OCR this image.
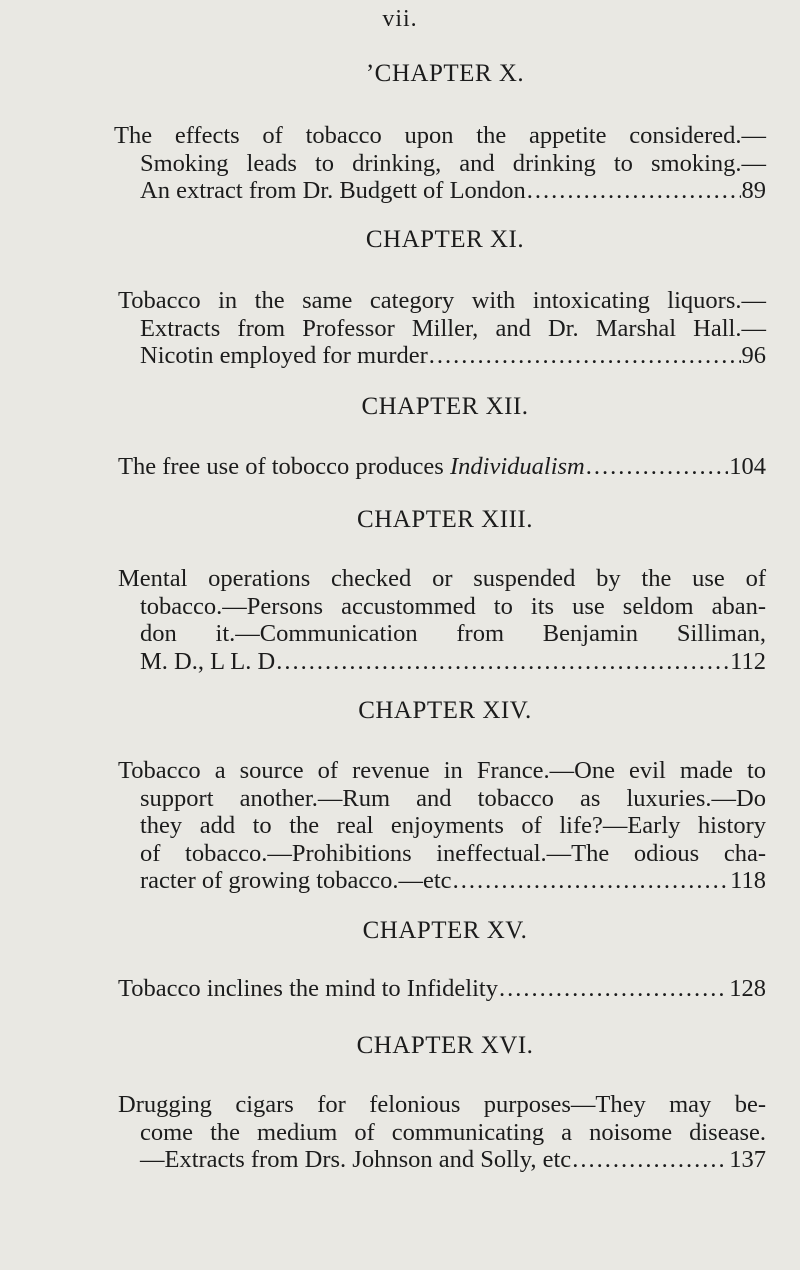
vii.
’CHAPTER X.
The effects of tobacco upon the appetite considered.—
Smoking leads to drinking, and drinking to smoking.—
An extract from Dr. Budgett of London .....	89
CHAPTER XI.
Tobacco in the same category with intoxicating liquors.—
Extracts from Professor Miller, and Dr. Marshal Hall.—
Nicotin employed for murder .....	96
CHAPTER XII.
The free use of tobocco produces Individualism .....	104
CHAPTER XIII.
Mental operations checked or suspended by the use of
tobacco.—Persons accustommed to its use seldom aban-
don it.—Communication from Benjamin Silliman,
M. D., L L. D .....	112
CHAPTER XIV.
Tobacco a source of revenue in France.—One evil made to
support another.—Rum and tobacco as luxuries.—Do
they add to the real enjoyments of life?—Early history
of tobacco.—Prohibitions ineffectual.—The odious cha-
racter of growing tobacco.—etc .....	118
CHAPTER XV.
Tobacco inclines the mind to Infidelity .....	128
CHAPTER XVI.
Drugging cigars for felonious purposes—They may be-
come the medium of communicating a noisome disease.
—Extracts from Drs. Johnson and Solly, etc .....	137
